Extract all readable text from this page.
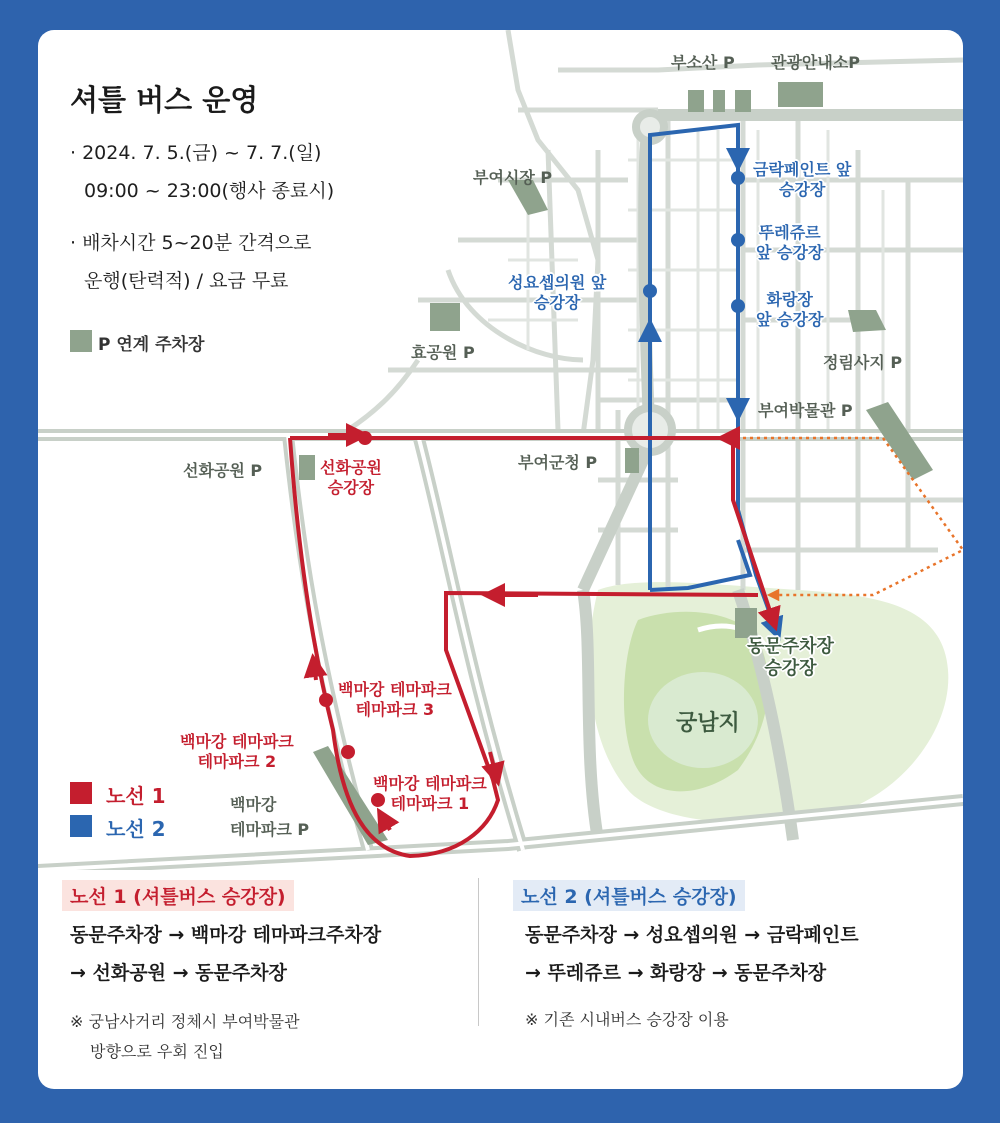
셔틀 버스 운영
· 2024. 7. 5.(금) ~ 7. 7.(일)
09:00 ~ 23:00(행사 종료시)
· 배차시간 5~20분 간격으로
운행(탄력적) / 요금 무료
P 연계 주차장
부소산 P 관광안내소P
부여시장 P
효공원 P
정림사지 P
부여박물관 P
선화공원 P	부여군청 P
백마강
테마파크 P
궁남지
선화공원
승강장
백마강 테마파크
테마파크 3
백마강 테마파크
테마파크 2
백마강 테마파크
테마파크 1
동문주차장
승강장
금락페인트 앞
승강장
뚜레쥬르
앞 승강장
성요셉의원 앞
승강장	화랑장
앞 승강장
노선 1
노선 2
노선 1 (셔틀버스 승강장)
동문주차장 → 백마강 테마파크주차장
→ 선화공원 → 동문주차장
※ 궁남사거리 정체시 부여박물관
방향으로 우회 진입
노선 2 (셔틀버스 승강장)
동문주차장 → 성요셉의원 → 금락페인트
→ 뚜레쥬르 → 화랑장 → 동문주차장
※ 기존 시내버스 승강장 이용
